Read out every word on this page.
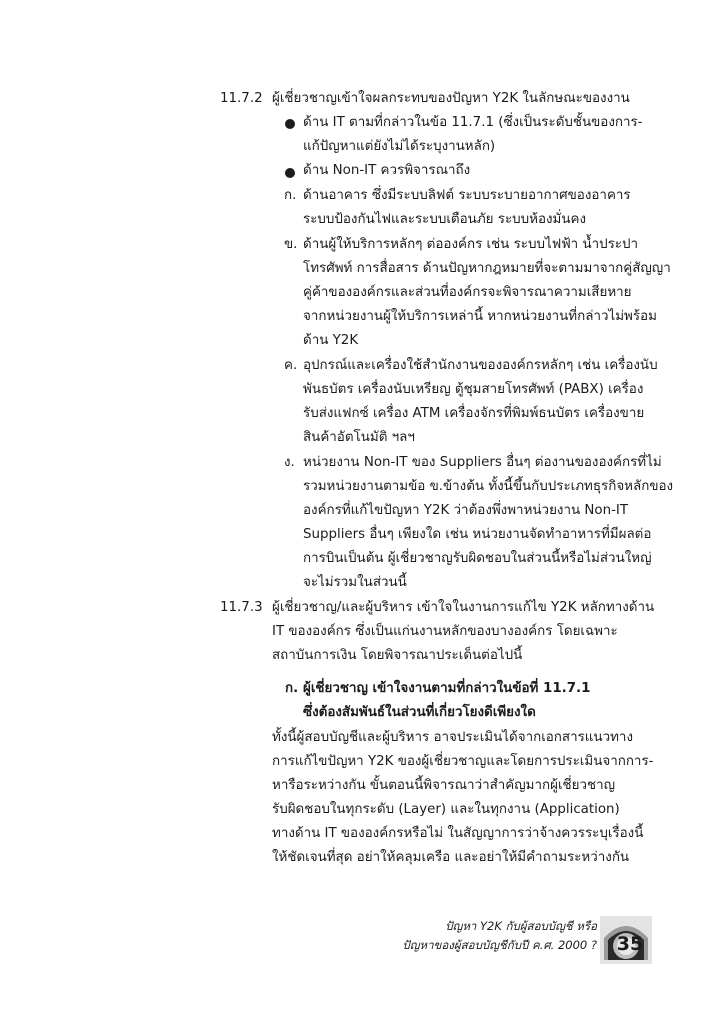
11.7.2 ผู้เชี่ยวชาญเข้าใจผลกระทบของปัญหา Y2K ในลักษณะของงาน
ด้าน IT ตามที่กล่าวในข้อ 11.7.1 (ซึ่งเป็นระดับชั้นของการ-
แก้ปัญหาแต่ยังไม่ได้ระบุงานหลัก)
ด้าน Non-IT ควรพิจารณาถึง
ก. ด้านอาคาร ซึ่งมีระบบลิฟต์ ระบบระบายอากาศของอาคาร
ระบบป้องกันไฟและระบบเตือนภัย ระบบห้องมั่นคง
ข. ด้านผู้ให้บริการหลักๆ ต่อองค์กร เช่น ระบบไฟฟ้า น้ำประปา
โทรศัพท์ การสื่อสาร ด้านปัญหากฎหมายที่จะตามมาจากคู่สัญญา
คู่ค้าขององค์กรและส่วนที่องค์กรจะพิจารณาความเสียหาย
จากหน่วยงานผู้ให้บริการเหล่านี้ หากหน่วยงานที่กล่าวไม่พร้อม
ด้าน Y2K
ค. อุปกรณ์และเครื่องใช้สำนักงานขององค์กรหลักๆ เช่น เครื่องนับ
พันธบัตร เครื่องนับเหรียญ ตู้ชุมสายโทรศัพท์ (PABX) เครื่อง
รับส่งแฟกซ์ เครื่อง ATM เครื่องจักรที่พิมพ์ธนบัตร เครื่องขาย
สินค้าอัตโนมัติ ฯลฯ
ง. หน่วยงาน Non-IT ของ Suppliers อื่นๆ ต่องานขององค์กรที่ไม่
รวมหน่วยงานตามข้อ ข.ข้างต้น ทั้งนี้ขึ้นกับประเภทธุรกิจหลักของ
องค์กรที่แก้ไขปัญหา Y2K ว่าต้องพึ่งพาหน่วยงาน Non-IT
Suppliers อื่นๆ เพียงใด เช่น หน่วยงานจัดทำอาหารที่มีผลต่อ
การบินเป็นต้น ผู้เชี่ยวชาญรับผิดชอบในส่วนนี้หรือไม่ส่วนใหญ่
จะไม่รวมในส่วนนี้
11.7.3 ผู้เชี่ยวชาญ/และผู้บริหาร เข้าใจในงานการแก้ไข Y2K หลักทางด้าน
IT ขององค์กร ซึ่งเป็นแก่นงานหลักของบางองค์กร โดยเฉพาะ
สถาบันการเงิน โดยพิจารณาประเด็นต่อไปนี้
ก. ผู้เชี่ยวชาญ เข้าใจงานตามที่กล่าวในข้อที่ 11.7.1
ซึ่งต้องสัมพันธ์ในส่วนที่เกี่ยวโยงดีเพียงใด
ทั้งนี้ผู้สอบบัญชีและผู้บริหาร อาจประเมินได้จากเอกสารแนวทาง
การแก้ไขปัญหา Y2K ของผู้เชี่ยวชาญและโดยการประเมินจากการ-
หารือระหว่างกัน ขั้นตอนนี้พิจารณาว่าสำคัญมากผู้เชี่ยวชาญ
รับผิดชอบในทุกระดับ (Layer) และในทุกงาน (Application)
ทางด้าน IT ขององค์กรหรือไม่ ในสัญญาการว่าจ้างควรระบุเรื่องนี้
ให้ชัดเจนที่สุด อย่าให้คลุมเครือ และอย่าให้มีคำถามระหว่างกัน
ปัญหา Y2K กับผู้สอบบัญชี หรือ
ปัญหาของผู้สอบบัญชีกับปี ค.ศ. 2000 ?	35
